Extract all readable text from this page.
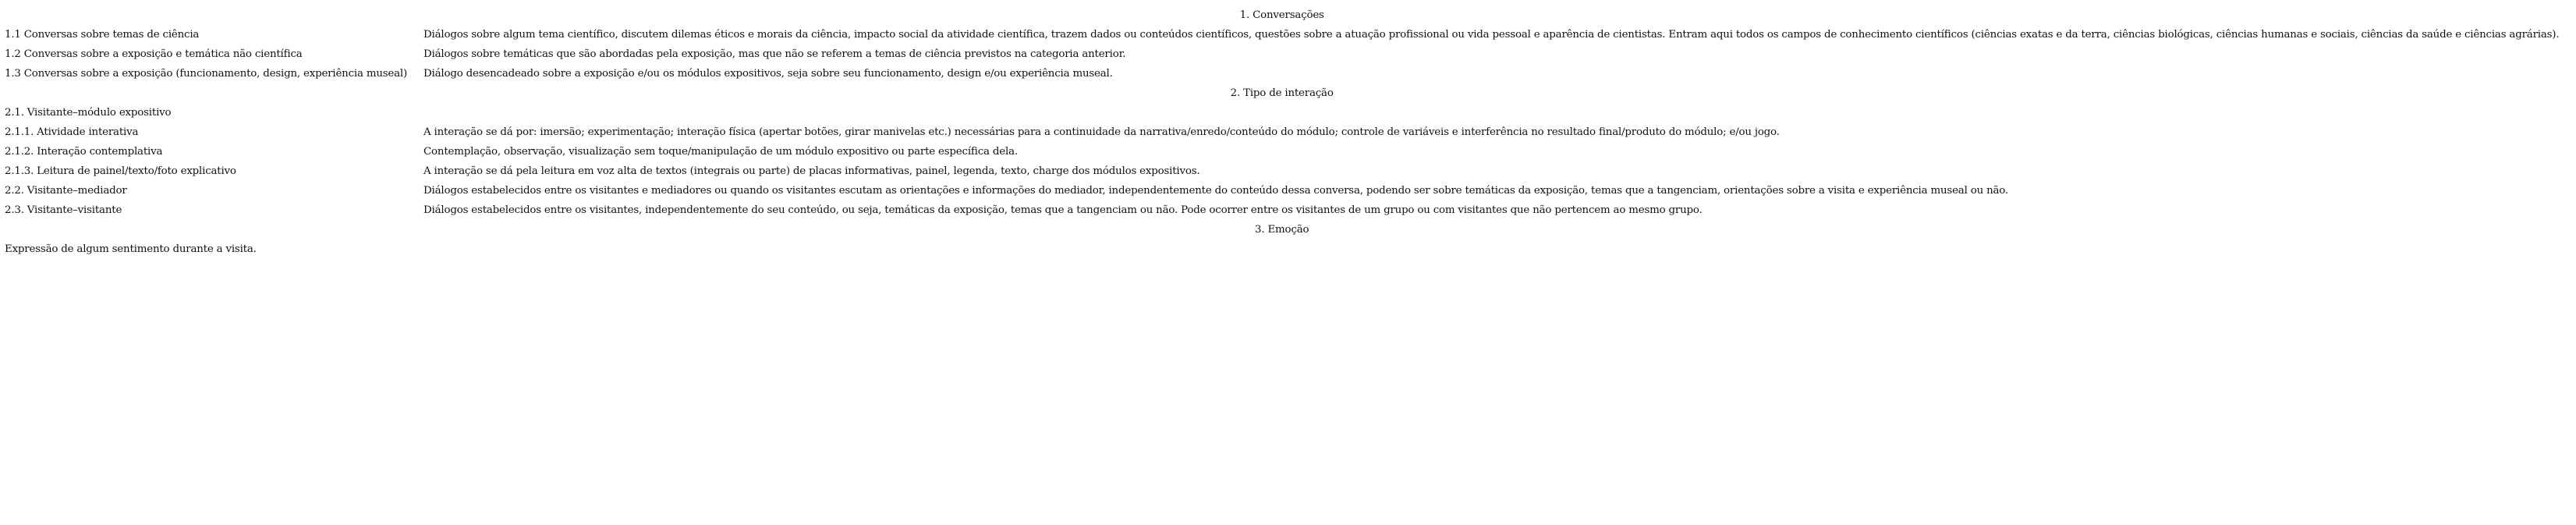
1. Conversações	
1.1 Conversas sobre temas de ciência	Diálogos sobre algum tema científico, discutem dilemas éticos e morais da ciência, impacto social da atividade científica, trazem dados ou conteúdos científicos, questões sobre a atuação profissional ou vida pessoal e aparência de cientistas. Entram aqui todos os campos de conhecimento científicos (ciências exatas e da terra, ciências biológicas, ciências humanas e sociais, ciências da saúde e ciências agrárias).
1.2 Conversas sobre a exposição e temática não científica	Diálogos sobre temáticas que são abordadas pela exposição, mas que não se referem a temas de ciência previstos na categoria anterior.
1.3 Conversas sobre a exposição (funcionamento, design, experiência museal)	Diálogo desencadeado sobre a exposição e/ou os módulos expositivos, seja sobre seu funcionamento, design e/ou experiência museal.
2. Tipo de interação	
2.1. Visitante–módulo expositivo	
2.1.1. Atividade interativa	A interação se dá por: imersão; experimentação; interação física (apertar botões, girar manivelas etc.) necessárias para a continuidade da narrativa/enredo/conteúdo do módulo; controle de variáveis e interferência no resultado final/produto do módulo; e/ou jogo.
2.1.2. Interação contemplativa	Contemplação, observação, visualização sem toque/manipulação de um módulo expositivo ou parte específica dela.
2.1.3. Leitura de painel/texto/foto explicativo	A interação se dá pela leitura em voz alta de textos (integrais ou parte) de placas informativas, painel, legenda, texto, charge dos módulos expositivos.
2.2. Visitante–mediador	Diálogos estabelecidos entre os visitantes e mediadores ou quando os visitantes escutam as orientações e informações do mediador, independentemente do conteúdo dessa conversa, podendo ser sobre temáticas da exposição, temas que a tangenciam, orientações sobre a visita e experiência museal ou não.
2.3. Visitante–visitante	Diálogos estabelecidos entre os visitantes, independentemente do seu conteúdo, ou seja, temáticas da exposição, temas que a tangenciam ou não. Pode ocorrer entre os visitantes de um grupo ou com visitantes que não pertencem ao mesmo grupo.
3. Emoção	
Expressão de algum sentimento durante a visita.	
